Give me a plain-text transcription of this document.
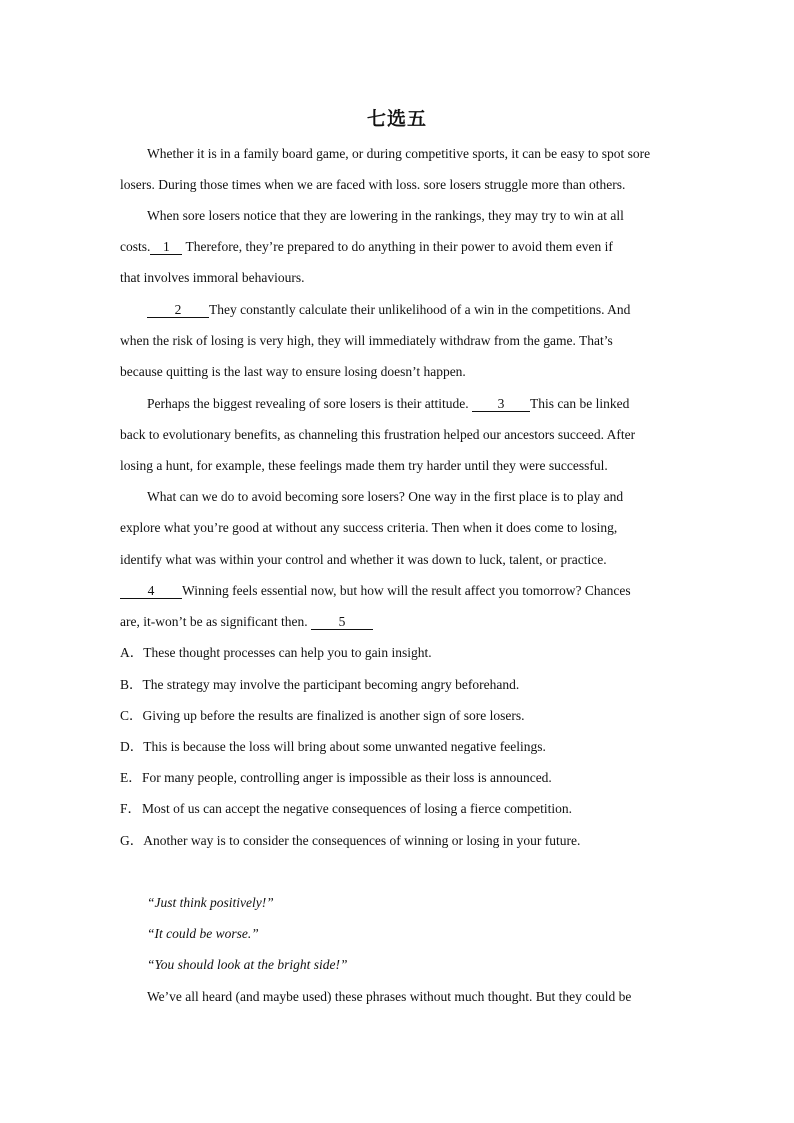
七选五
Whether it is in a family board game, or during competitive sports, it can be easy to spot sore
losers. During those times when we are faced with loss. sore losers struggle more than others.
When sore losers notice that they are lowering in the rankings, they may try to win at all
costs. 1 Therefore, they’re prepared to do anything in their power to avoid them even if
that involves immoral behaviours.
2 They constantly calculate their unlikelihood of a win in the competitions. And
when the risk of losing is very high, they will immediately withdraw from the game. That’s
because quitting is the last way to ensure losing doesn’t happen.
Perhaps the biggest revealing of sore losers is their attitude. 3 This can be linked
back to evolutionary benefits, as channeling this frustration helped our ancestors succeed. After
losing a hunt, for example, these feelings made them try harder until they were successful.
What can we do to avoid becoming sore losers? One way in the first place is to play and
explore what you’re good at without any success criteria. Then when it does come to losing,
identify what was within your control and whether it was down to luck, talent, or practice.
4 Winning feels essential now, but how will the result affect you tomorrow? Chances
are, it-won’t be as significant then. 5
A．These thought processes can help you to gain insight.
B．The strategy may involve the participant becoming angry beforehand.
C．Giving up before the results are finalized is another sign of sore losers.
D．This is because the loss will bring about some unwanted negative feelings.
E．For many people, controlling anger is impossible as their loss is announced.
F．Most of us can accept the negative consequences of losing a fierce competition.
G．Another way is to consider the consequences of winning or losing in your future.
“Just think positively!”
“It could be worse.”
“You should look at the bright side!”
We’ve all heard (and maybe used) these phrases without much thought. But they could be
